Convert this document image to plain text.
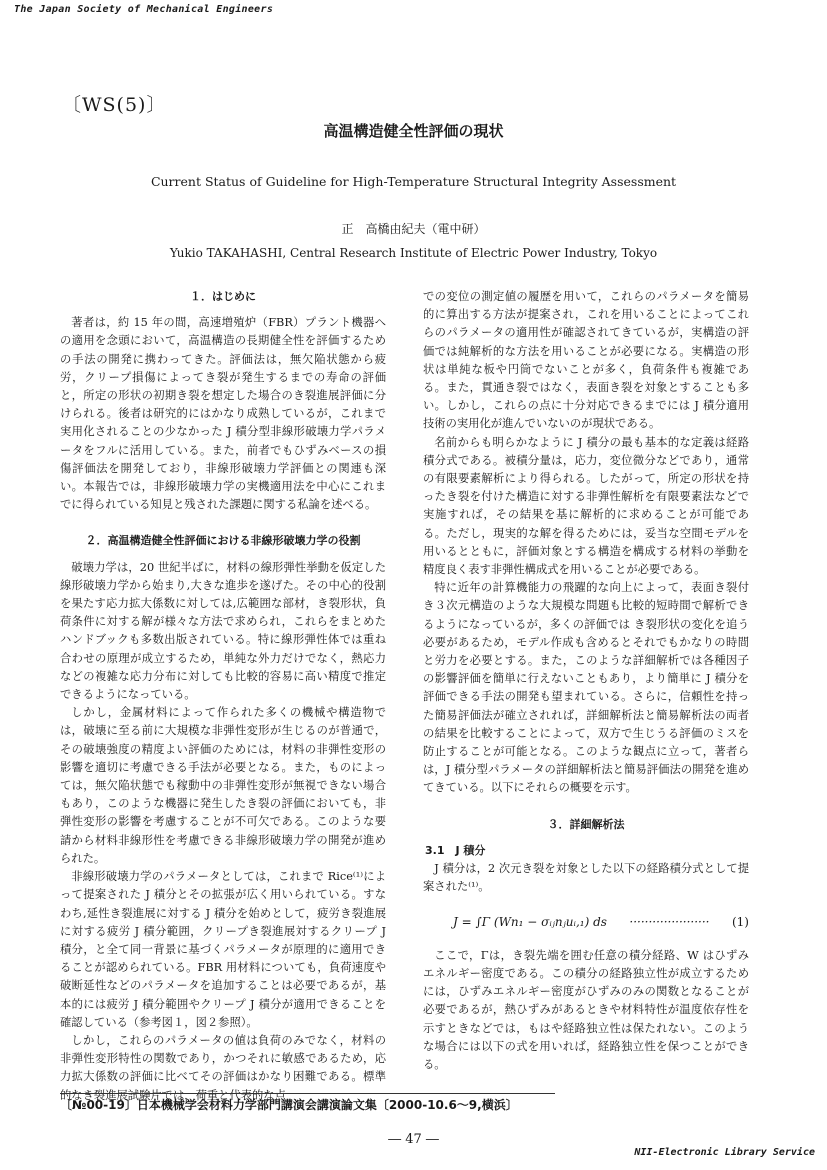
The Japan Society of Mechanical Engineers
〔WS(5)〕
高温構造健全性評価の現状
Current Status of Guideline for High-Temperature Structural Integrity Assessment
正　高橋由紀夫（電中研）
Yukio TAKAHASHI, Central Research Institute of Electric Power Industry, Tokyo
１．はじめに

著者は，約 15 年の間，高速増殖炉（FBR）プラント機器への適用を念頭において，高温構造の長期健全性を評価するための手法の開発に携わってきた。評価法は，無欠陥状態から疲労，クリープ損傷によってき裂が発生するまでの寿命の評価と，所定の形状の初期き裂を想定した場合のき裂進展評価に分けられる。後者は研究的にはかなり成熟しているが，これまで実用化されることの少なかった J 積分型非線形破壊力学パラメータをフルに活用している。また，前者でもひずみベースの損傷評価法を開発しており，非線形破壊力学評価との関連も深い。本報告では，非線形破壊力学の実機適用法を中心にこれまでに得られている知見と残された課題に関する私論を述べる。

２．高温構造健全性評価における非線形破壊力学の役割

破壊力学は，20 世紀半ばに，材料の線形弾性挙動を仮定した線形破壊力学から始まり,大きな進歩を遂げた。その中心的役割を果たす応力拡大係数に対しては,広範囲な部材，き裂形状，負荷条件に対する解が様々な方法で求められ，これらをまとめたハンドブックも多数出版されている。特に線形弾性体では重ね合わせの原理が成立するため，単純な外力だけでなく，熱応力などの複雑な応力分布に対しても比較的容易に高い精度で推定できるようになっている。

しかし，金属材料によって作られた多くの機械や構造物では，破壊に至る前に大規模な非弾性変形が生じるのが普通で，その破壊強度の精度よい評価のためには，材料の非弾性変形の影響を適切に考慮できる手法が必要となる。また，ものによっては，無欠陥状態でも稼動中の非弾性変形が無視できない場合もあり，このような機器に発生したき裂の評価においても，非弾性変形の影響を考慮することが不可欠である。このような要請から材料非線形性を考慮できる非線形破壊力学の開発が進められた。

非線形破壊力学のパラメータとしては，これまで Rice⁽¹⁾によって提案された J 積分とその拡張が広く用いられている。すなわち,延性き裂進展に対する J 積分を始めとして，疲労き裂進展に対する疲労 J 積分範囲，クリープき裂進展対するクリープ J 積分，と全て同一背景に基づくパラメータが原理的に適用できることが認められている。FBR 用材料についても，負荷速度や破断延性などのパラメータを追加することは必要であるが，基本的には疲労 J 積分範囲やクリープ J 積分が適用できることを確認している（参考図１，図２参照）。

しかし，これらのパラメータの値は負荷のみでなく，材料の非弾性変形特性の関数であり，かつそれに敏感であるため，応力拡大係数の評価に比べてその評価はかなり困難である。標準的なき裂進展試験片では，荷重と代表的な点

での変位の測定値の履歴を用いて，これらのパラメータを簡易的に算出する方法が提案され，これを用いることによってこれらのパラメータの適用性が確認されてきているが，実構造の評価では純解析的な方法を用いることが必要になる。実構造の形状は単純な板や円筒でないことが多く，負荷条件も複雑である。また，貫通き裂ではなく，表面き裂を対象とすることも多い。しかし，これらの点に十分対応できるまでには J 積分適用技術の実用化が進んでいないのが現状である。

名前からも明らかなように J 積分の最も基本的な定義は経路積分式である。被積分量は，応力，変位微分などであり，通常の有限要素解析により得られる。したがって，所定の形状を持ったき裂を付けた構造に対する非弾性解析を有限要素法などで実施すれば，その結果を基に解析的に求めることが可能である。ただし，現実的な解を得るためには，妥当な空間モデルを用いるとともに，評価対象とする構造を構成する材料の挙動を精度良く表す非弾性構成式を用いることが必要である。

特に近年の計算機能力の飛躍的な向上によって，表面き裂付き３次元構造のような大規模な問題も比較的短時間で解析できるようになっているが，多くの評価では き裂形状の変化を追う必要があるため，モデル作成も含めるとそれでもかなりの時間と労力を必要とする。また，このような詳細解析では各種因子の影響評価を簡単に行えないこともあり，より簡単に J 積分を評価できる手法の開発も望まれている。さらに，信頼性を持った簡易評価法が確立されれば，詳細解析法と簡易解析法の両者の結果を比較することによって，双方で生じうる評価のミスを防止することが可能となる。このような観点に立って，著者らは，J 積分型パラメータの詳細解析法と簡易評価法の開発を進めてきている。以下にそれらの概要を示す。

３．詳細解析法
3.1　J 積分

J 積分は，2 次元き裂を対象とした以下の経路積分式として提案された⁽¹⁾。

J = ∫Γ (Wn₁ − σᵢⱼnⱼuᵢ,₁) ds ····················· (1)

ここで，Γは，き裂先端を囲む任意の積分経路、W はひずみエネルギー密度である。この積分の経路独立性が成立するためには，ひずみエネルギー密度がひずみのみの関数となることが必要であるが，熱ひずみがあるときや材料特性が温度依存性を示すときなどでは，もはや経路独立性は保たれない。このような場合には以下の式を用いれば，経路独立性を保つことができる。

〔№00-19〕日本機械学会材料力学部門講演会講演論文集〔2000-10.6〜9,横浜〕
― 47 ―
NII-Electronic Library Service
